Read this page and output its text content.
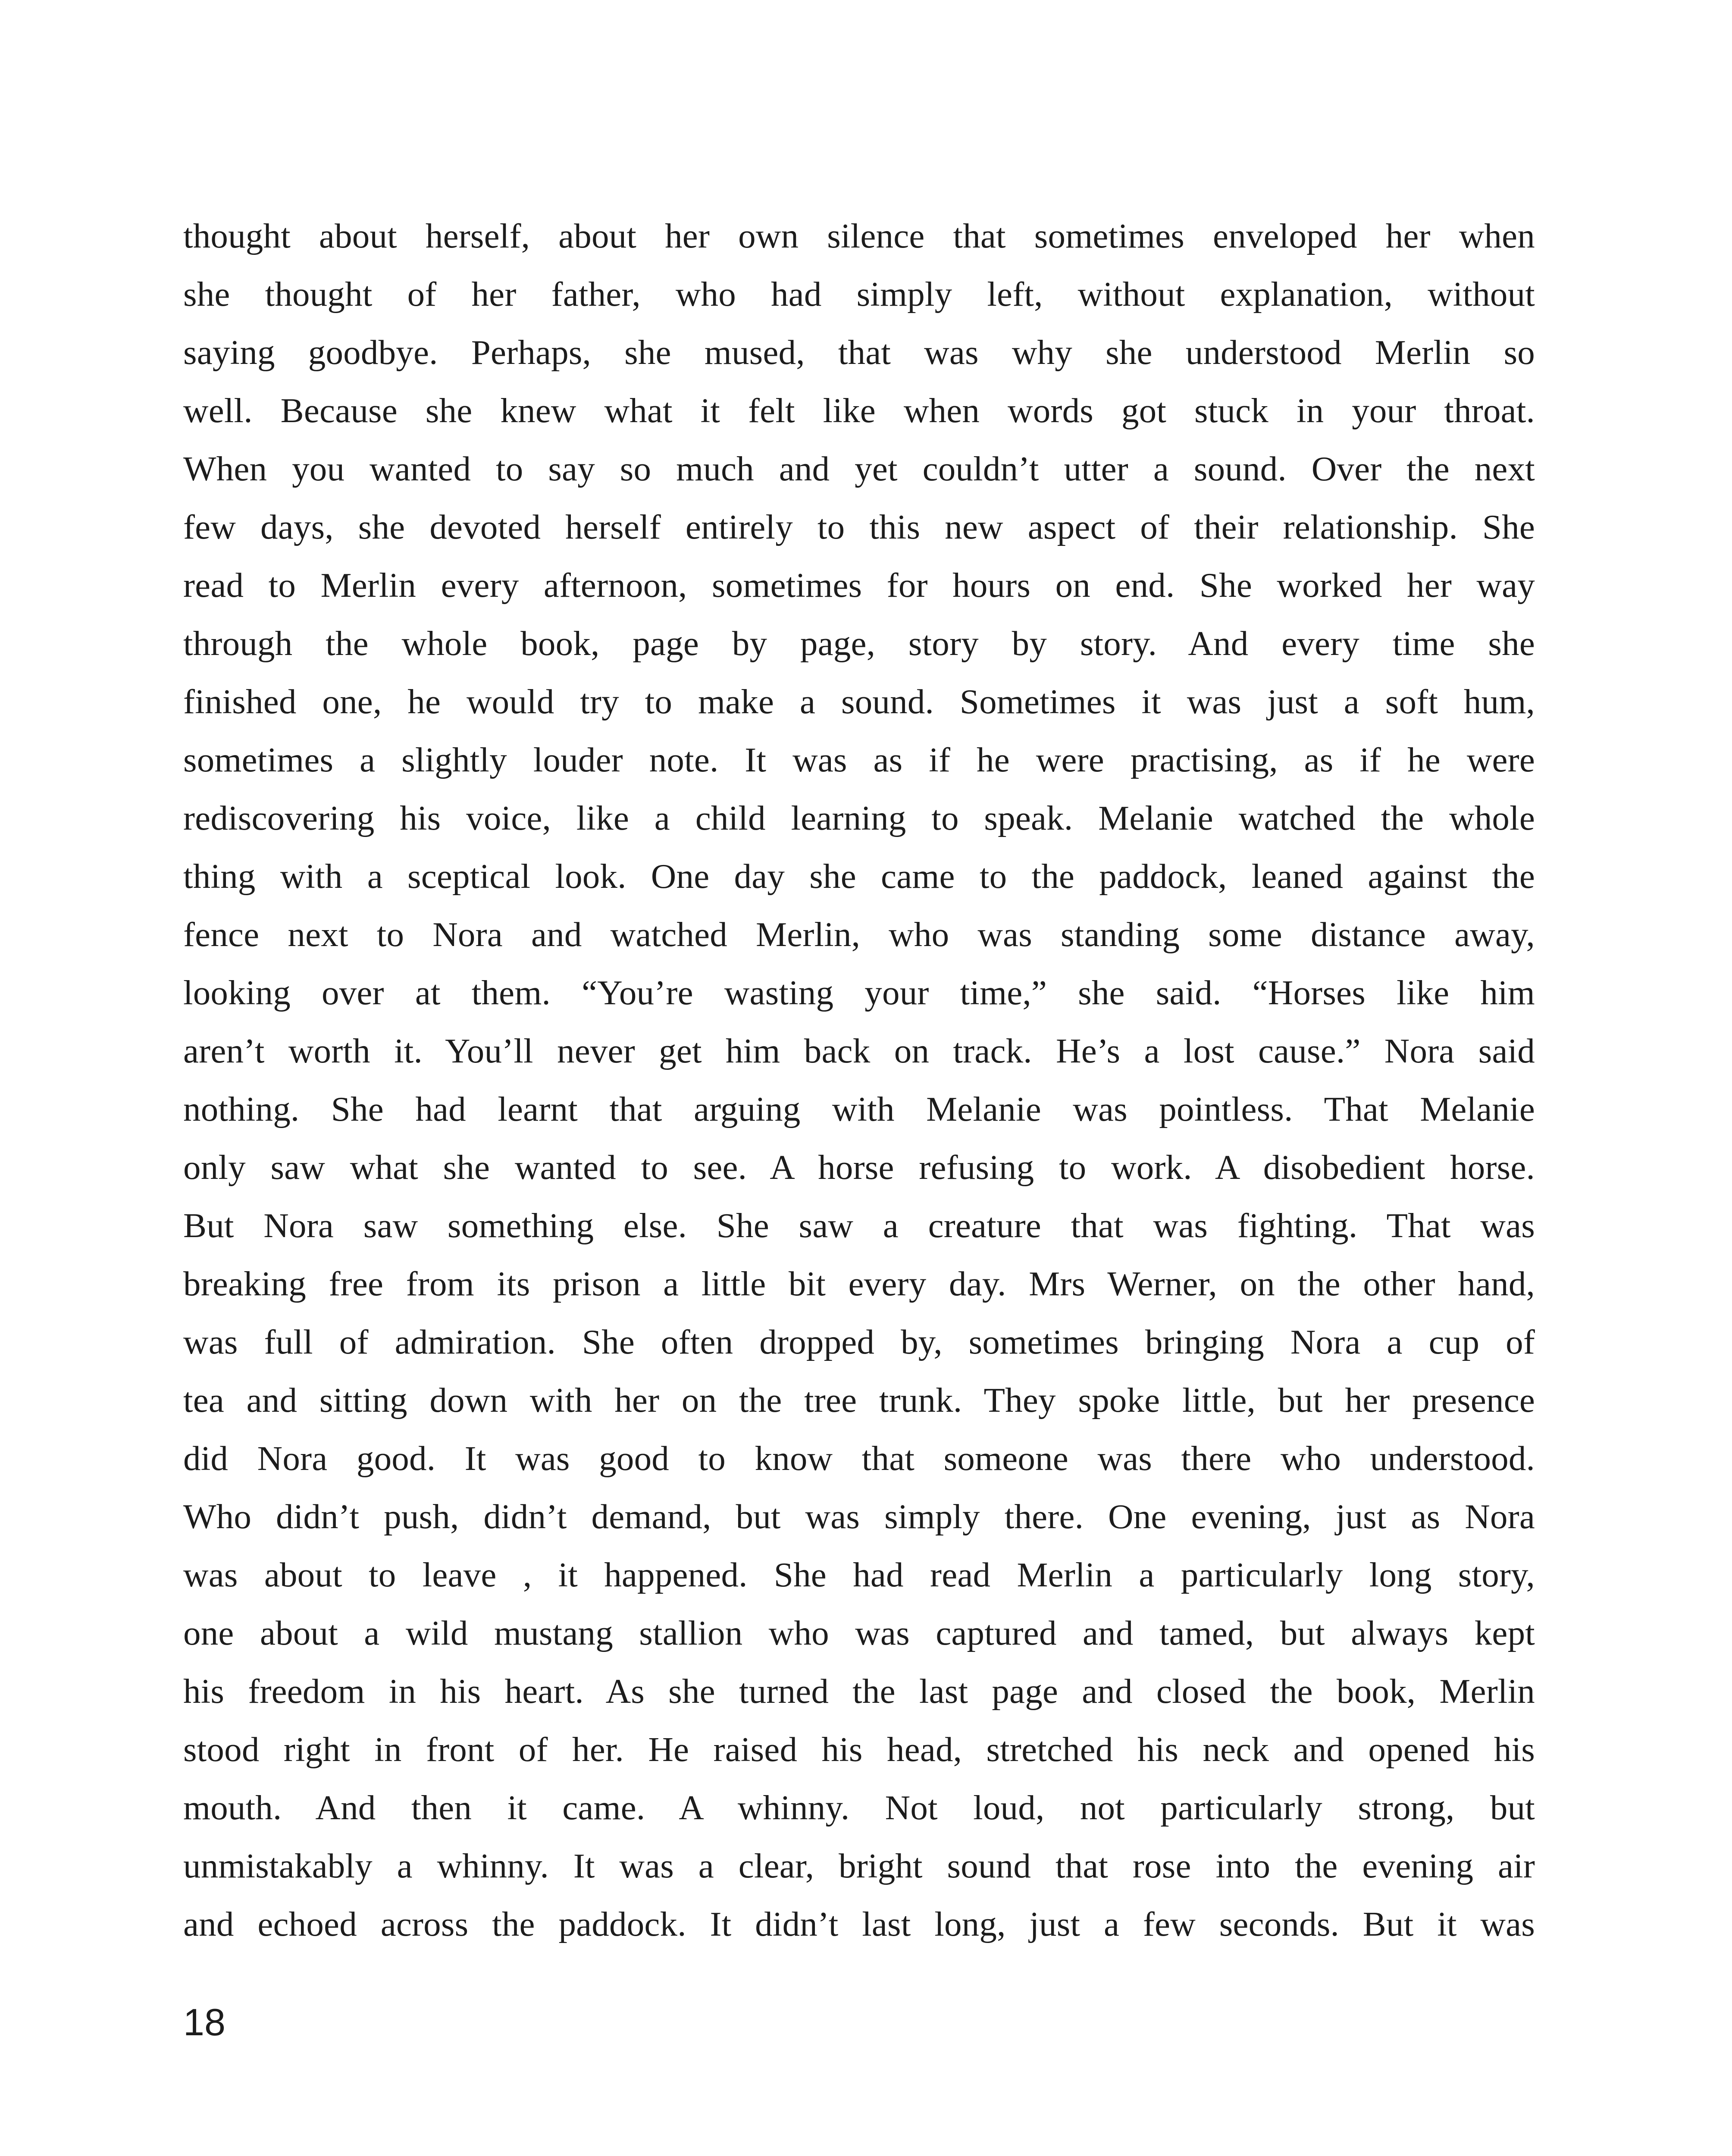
thought about herself, about her own silence that sometimes enveloped her when
she thought of her father, who had simply left, without explanation, without
saying goodbye. Perhaps, she mused, that was why she understood Merlin so
well. Because she knew what it felt like when words got stuck in your throat.
When you wanted to say so much and yet couldn’t utter a sound. Over the next
few days, she devoted herself entirely to this new aspect of their relationship. She
read to Merlin every afternoon, sometimes for hours on end. She worked her way
through the whole book, page by page, story by story. And every time she
finished one, he would try to make a sound. Sometimes it was just a soft hum,
sometimes a slightly louder note. It was as if he were practising, as if he were
rediscovering his voice, like a child learning to speak. Melanie watched the whole
thing with a sceptical look. One day she came to the paddock, leaned against the
fence next to Nora and watched Merlin, who was standing some distance away,
looking over at them. “You’re wasting your time,” she said. “Horses like him
aren’t worth it. You’ll never get him back on track. He’s a lost cause.” Nora said
nothing. She had learnt that arguing with Melanie was pointless. That Melanie
only saw what she wanted to see. A horse refusing to work. A disobedient horse.
But Nora saw something else. She saw a creature that was fighting. That was
breaking free from its prison a little bit every day. Mrs Werner, on the other hand,
was full of admiration. She often dropped by, sometimes bringing Nora a cup of
tea and sitting down with her on the tree trunk. They spoke little, but her presence
did Nora good. It was good to know that someone was there who understood.
Who didn’t push, didn’t demand, but was simply there. One evening, just as Nora
was about to leave , it happened. She had read Merlin a particularly long story,
one about a wild mustang stallion who was captured and tamed, but always kept
his freedom in his heart. As she turned the last page and closed the book, Merlin
stood right in front of her. He raised his head, stretched his neck and opened his
mouth. And then it came. A whinny. Not loud, not particularly strong, but
unmistakably a whinny. It was a clear, bright sound that rose into the evening air
and echoed across the paddock. It didn’t last long, just a few seconds. But it was
18
